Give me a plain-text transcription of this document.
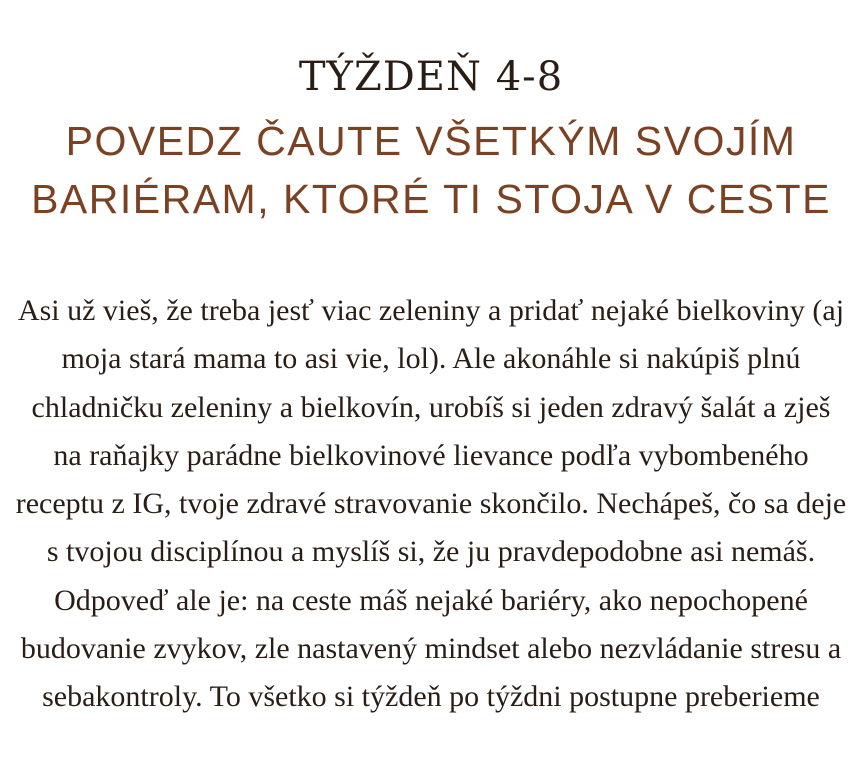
TÝŽDEŇ 4-8
POVEDZ ČAUTE VŠETKÝM SVOJÍM BARIÉRAM, KTORÉ TI STOJA V CESTE

Asi už vieš, že treba jesť viac zeleniny a pridať nejaké bielkoviny (aj moja stará mama to asi vie, lol). Ale akonáhle si nakúpiš plnú chladničku zeleniny a bielkovín, urobíš si jeden zdravý šalát a zješ na raňajky parádne bielkovinové lievance podľa vybombeného receptu z IG, tvoje zdravé stravovanie skončilo. Nechápeš, čo sa deje s tvojou disciplínou a myslíš si, že ju pravdepodobne asi nemáš. Odpoveď ale je: na ceste máš nejaké bariéry, ako nepochopené budovanie zvykov, zle nastavený mindset alebo nezvládanie stresu a sebakontroly. To všetko si týždeň po týždni postupne preberieme
